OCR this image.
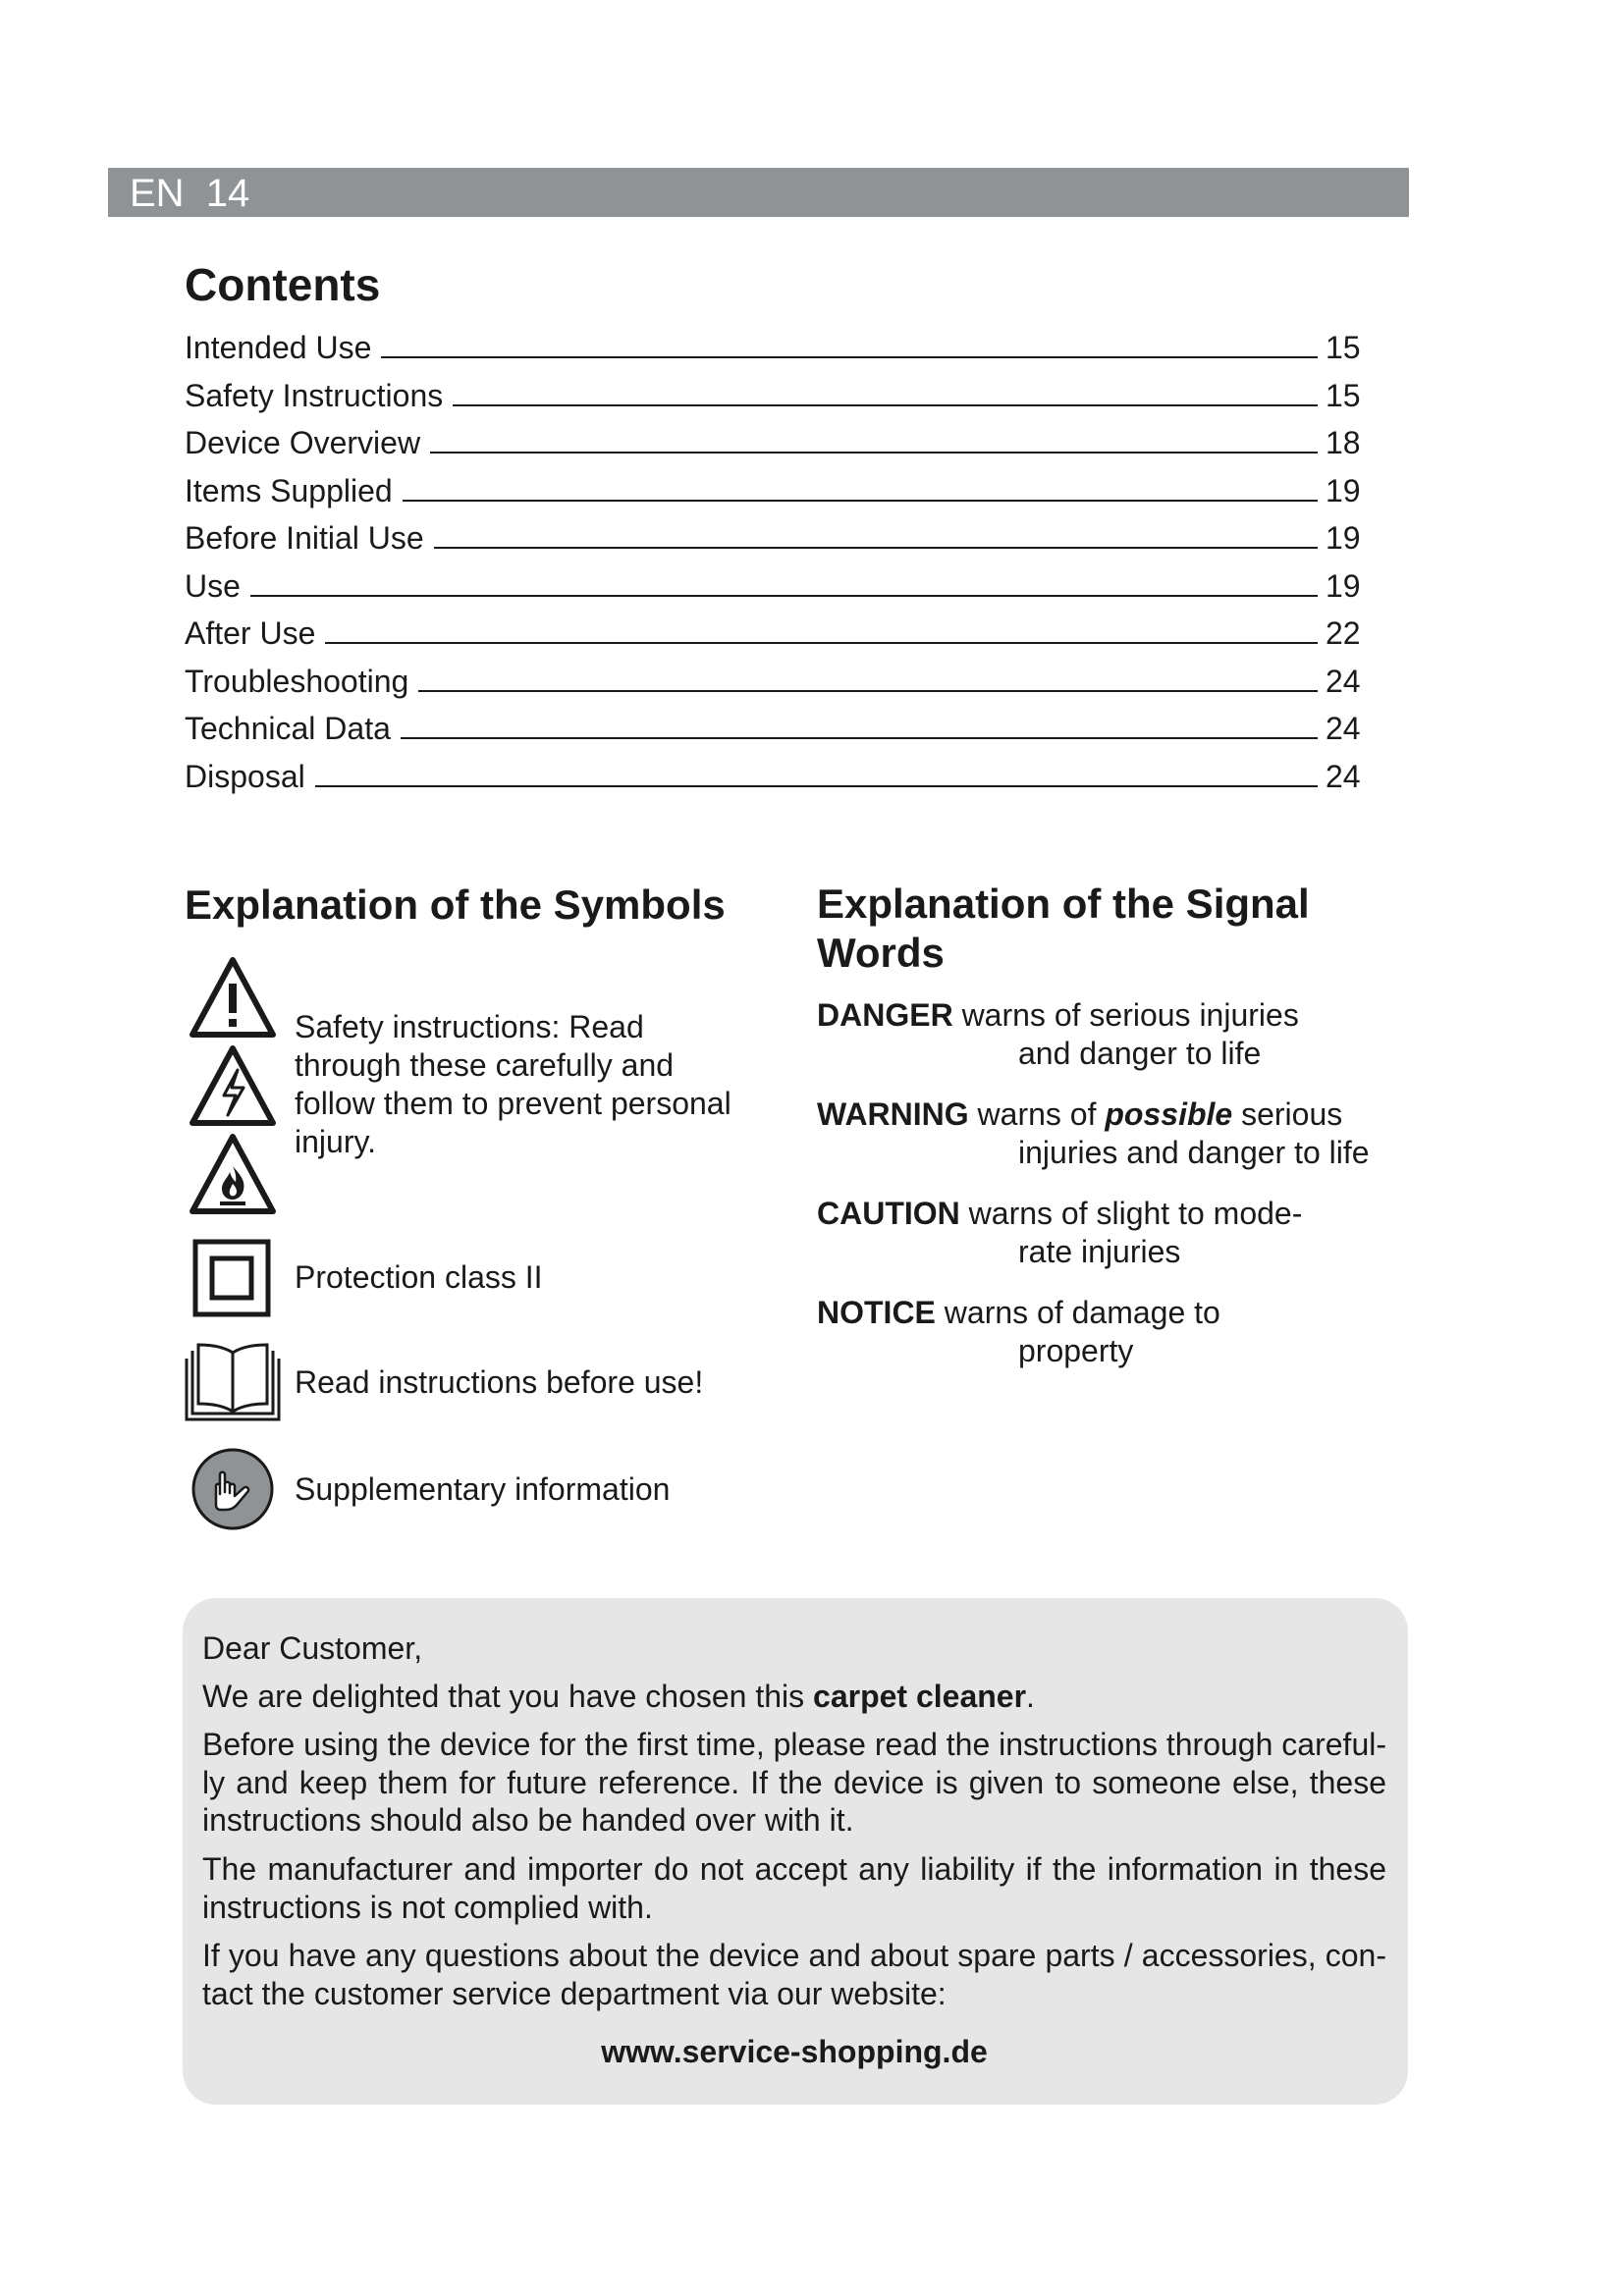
EN  14
Contents
Intended Use	15
Safety Instructions	15
Device Overview	18
Items Supplied	19
Before Initial Use	19
Use	19
After Use	22
Troubleshooting	24
Technical Data	24
Disposal	24
Explanation of the Symbols
Safety instructions: Read
through these carefully and
follow them to prevent personal
injury.
Protection class II
Read instructions before use!
Supplementary information
Explanation of the Signal Words
DANGER warns of serious injuries
and danger to life
WARNING warns of possible serious
injuries and danger to life
CAUTION warns of slight to mode-
rate injuries
NOTICE warns of damage to
property
Dear Customer,
We are delighted that you have chosen this carpet cleaner.
Before using the device for the first time, please read the instructions through careful-ly and keep them for future reference. If the device is given to someone else, these instructions should also be handed over with it.
The manufacturer and importer do not accept any liability if the information in these instructions is not complied with.
If you have any questions about the device and about spare parts / accessories, con-tact the customer service department via our website:
www.service-shopping.de
